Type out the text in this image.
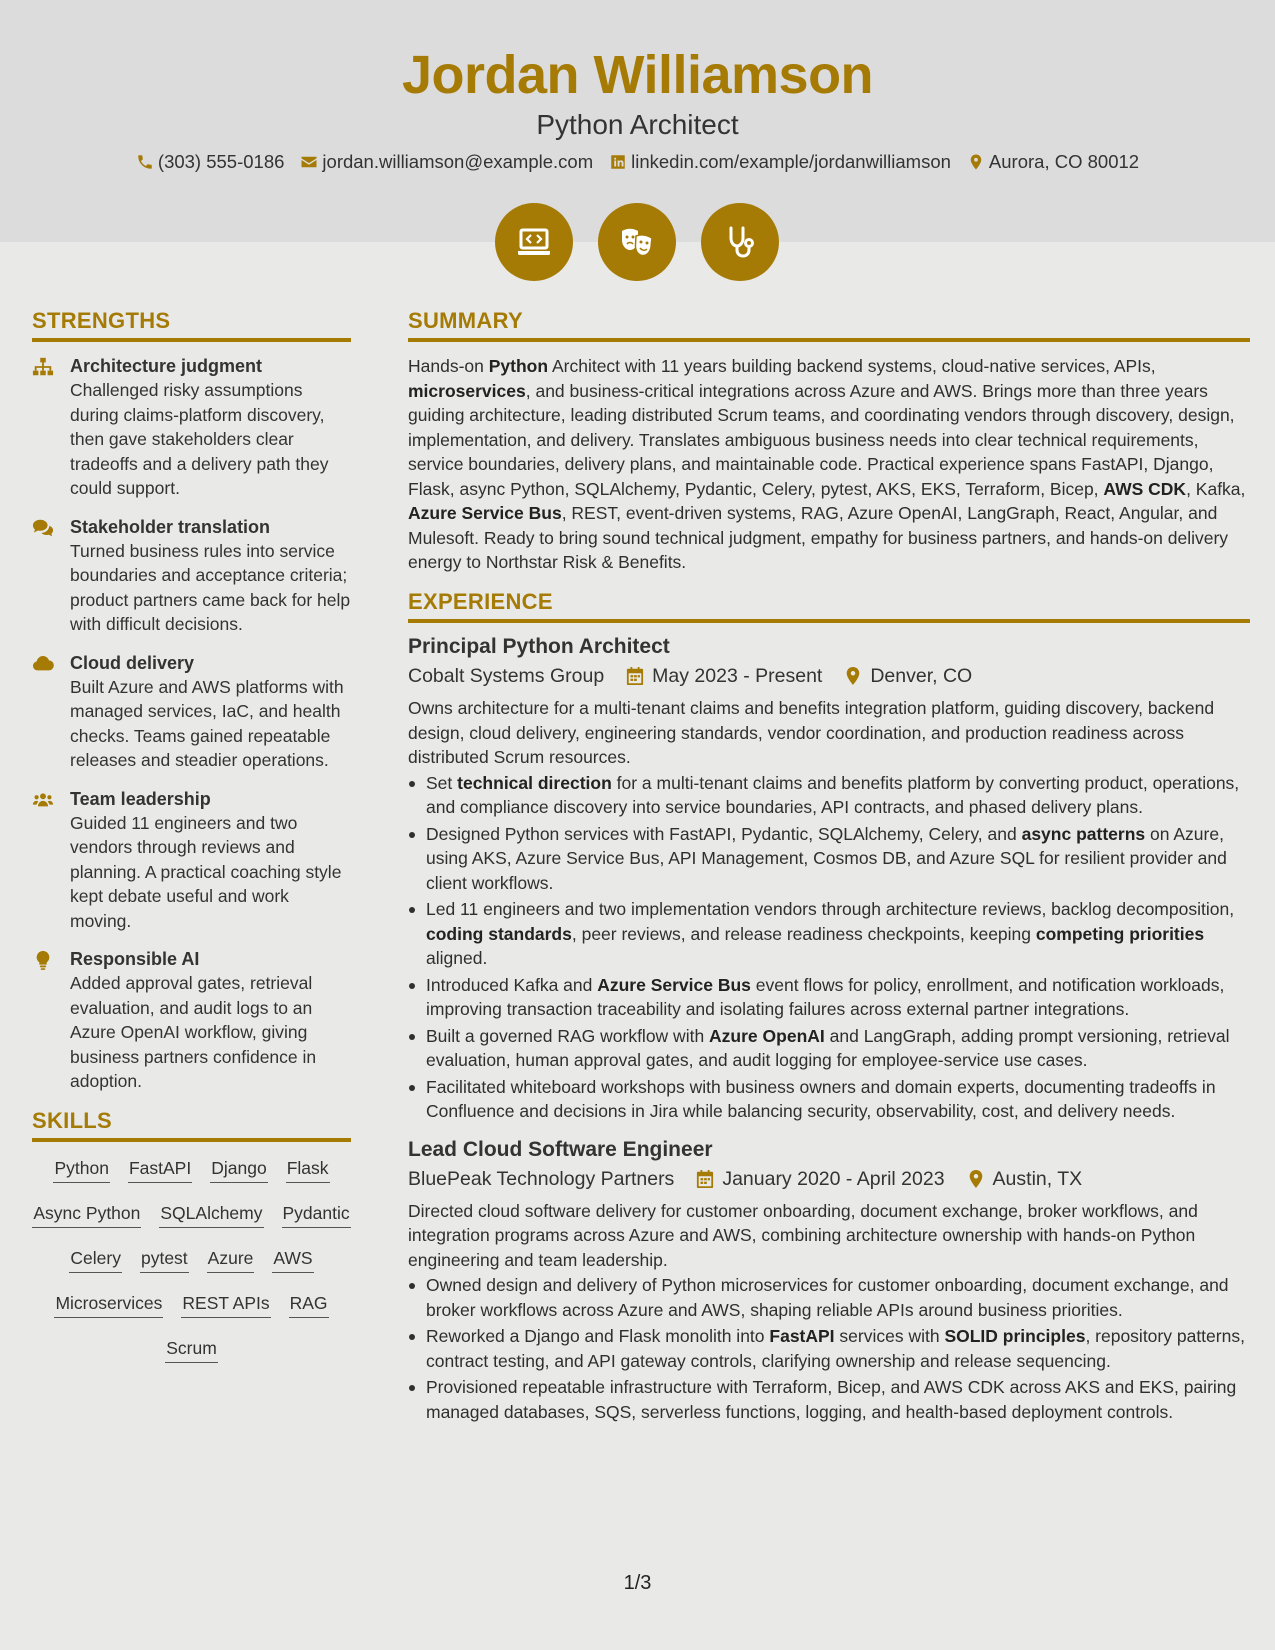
Jordan Williamson
Python Architect
(303) 555-0186 jordan.williamson@example.com linkedin.com/example/jordanwilliamson Aurora, CO 80012
STRENGTHS
Architecture judgment
Challenged risky assumptions during claims-platform discovery, then gave stakeholders clear tradeoffs and a delivery path they could support.
Stakeholder translation
Turned business rules into service boundaries and acceptance criteria; product partners came back for help with difficult decisions.
Cloud delivery
Built Azure and AWS platforms with managed services, IaC, and health checks. Teams gained repeatable releases and steadier operations.
Team leadership
Guided 11 engineers and two vendors through reviews and planning. A practical coaching style kept debate useful and work moving.
Responsible AI
Added approval gates, retrieval evaluation, and audit logs to an Azure OpenAI workflow, giving business partners confidence in adoption.
SKILLS
Python FastAPI Django Flask
Async Python SQLAlchemy Pydantic
Celery pytest Azure AWS
Microservices REST APIs RAG
Scrum
SUMMARY
Hands-on Python Architect with 11 years building backend systems, cloud-native services, APIs, microservices, and business-critical integrations across Azure and AWS. Brings more than three years guiding architecture, leading distributed Scrum teams, and coordinating vendors through discovery, design, implementation, and delivery. Translates ambiguous business needs into clear technical requirements, service boundaries, delivery plans, and maintainable code. Practical experience spans FastAPI, Django, Flask, async Python, SQLAlchemy, Pydantic, Celery, pytest, AKS, EKS, Terraform, Bicep, AWS CDK, Kafka, Azure Service Bus, REST, event-driven systems, RAG, Azure OpenAI, LangGraph, React, Angular, and Mulesoft. Ready to bring sound technical judgment, empathy for business partners, and hands-on delivery energy to Northstar Risk & Benefits.
EXPERIENCE
Principal Python Architect
Cobalt Systems Group May 2023 - Present Denver, CO
Owns architecture for a multi-tenant claims and benefits integration platform, guiding discovery, backend design, cloud delivery, engineering standards, vendor coordination, and production readiness across distributed Scrum resources.
Set technical direction for a multi-tenant claims and benefits platform by converting product, operations, and compliance discovery into service boundaries, API contracts, and phased delivery plans.
Designed Python services with FastAPI, Pydantic, SQLAlchemy, Celery, and async patterns on Azure, using AKS, Azure Service Bus, API Management, Cosmos DB, and Azure SQL for resilient provider and client workflows.
Led 11 engineers and two implementation vendors through architecture reviews, backlog decomposition, coding standards, peer reviews, and release readiness checkpoints, keeping competing priorities aligned.
Introduced Kafka and Azure Service Bus event flows for policy, enrollment, and notification workloads, improving transaction traceability and isolating failures across external partner integrations.
Built a governed RAG workflow with Azure OpenAI and LangGraph, adding prompt versioning, retrieval evaluation, human approval gates, and audit logging for employee-service use cases.
Facilitated whiteboard workshops with business owners and domain experts, documenting tradeoffs in Confluence and decisions in Jira while balancing security, observability, cost, and delivery needs.
Lead Cloud Software Engineer
BluePeak Technology Partners January 2020 - April 2023 Austin, TX
Directed cloud software delivery for customer onboarding, document exchange, broker workflows, and integration programs across Azure and AWS, combining architecture ownership with hands-on Python engineering and team leadership.
Owned design and delivery of Python microservices for customer onboarding, document exchange, and broker workflows across Azure and AWS, shaping reliable APIs around business priorities.
Reworked a Django and Flask monolith into FastAPI services with SOLID principles, repository patterns, contract testing, and API gateway controls, clarifying ownership and release sequencing.
Provisioned repeatable infrastructure with Terraform, Bicep, and AWS CDK across AKS and EKS, pairing managed databases, SQS, serverless functions, logging, and health-based deployment controls.
1/3
